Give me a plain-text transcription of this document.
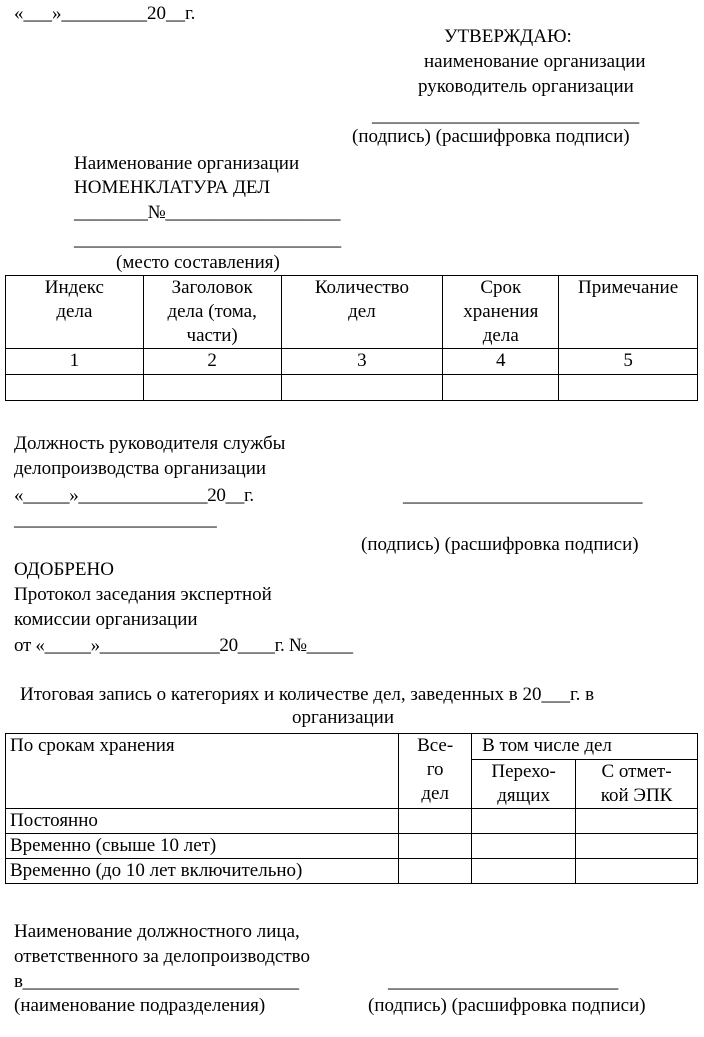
«___»_________20__г.
УТВЕРЖДАЮ:
наименование организации
руководитель организации
_____________________________
(подпись) (расшифровка подписи)
Наименование организации
НОМЕНКЛАТУРА ДЕЛ
________№___________________
_____________________________
(место составления)
Индекс дела	Заголовок дела (тома, части)	Количество дел	Срок хранения дела	Примечание
1	2	3	4	5

Должность руководителя службы
делопроизводства организации
«_____»______________20__г.	__________________________
______________________
(подпись) (расшифровка подписи)
ОДОБРЕНО
Протокол заседания экспертной
комиссии организации
от «_____»_____________20____г. №_____
Итоговая запись о категориях и количестве дел, заведенных в 20___г. в
организации
По срокам хранения	Все- го дел	В том числе дел	
		Перехо- дящих	С отмет- кой ЭПК
Постоянно			
Временно (свыше 10 лет)			
Временно (до 10 лет включительно)			
Наименование должностного лица,
ответственного за делопроизводство
в______________________________	_________________________
(наименование подразделения)	(подпись) (расшифровка подписи)
